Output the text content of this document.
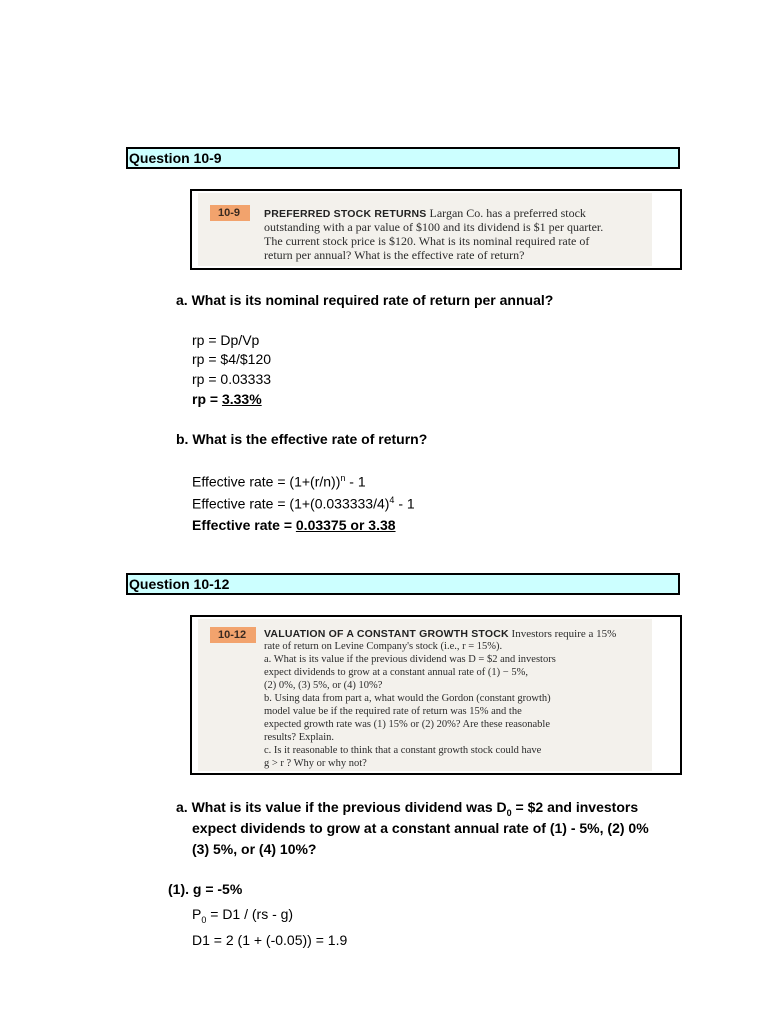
Question 10-9
10-9	PREFERRED STOCK RETURNS Largan Co. has a preferred stock
outstanding with a par value of $100 and its dividend is $1 per quarter.
The current stock price is $120. What is its nominal required rate of
return per annual? What is the effective rate of return?
a. What is its nominal required rate of return per annual?
rp = Dp/Vp
rp = $4/$120
rp = 0.03333
rp = 3.33%
b. What is the effective rate of return?
Effective rate = $(1+(r/n))^n - 1$
Effective rate = ($1+(0.033333/4)^4 - 1$
Effective rate = 0.03375 or 3.38
Question 10-12
10-12	VALUATION OF A CONSTANT GROWTH STOCK Investors require a 15%
rate of return on Levine Company's stock (i.e., r = 15%).
a. What is its value if the previous dividend was D = $2 and investors
expect dividends to grow at a constant annual rate of (1) − 5%,
(2) 0%, (3) 5%, or (4) 10%?
b. Using data from part a, what would the Gordon (constant growth)
model value be if the required rate of return was 15% and the
expected growth rate was (1) 15% or (2) 20%? Are these reasonable
results? Explain.
c. Is it reasonable to think that a constant growth stock could have
g > r ? Why or why not?
a. What is its value if the previous dividend was $D_0$ = $2 and investors
expect dividends to grow at a constant annual rate of (1) - 5%, (2) 0%
(3) 5%, or (4) 10%?
(1). g = -5%
$P_0 = D1 / (rs - g)$
D1 = 2 (1 + (-0.05)) = 1.9
